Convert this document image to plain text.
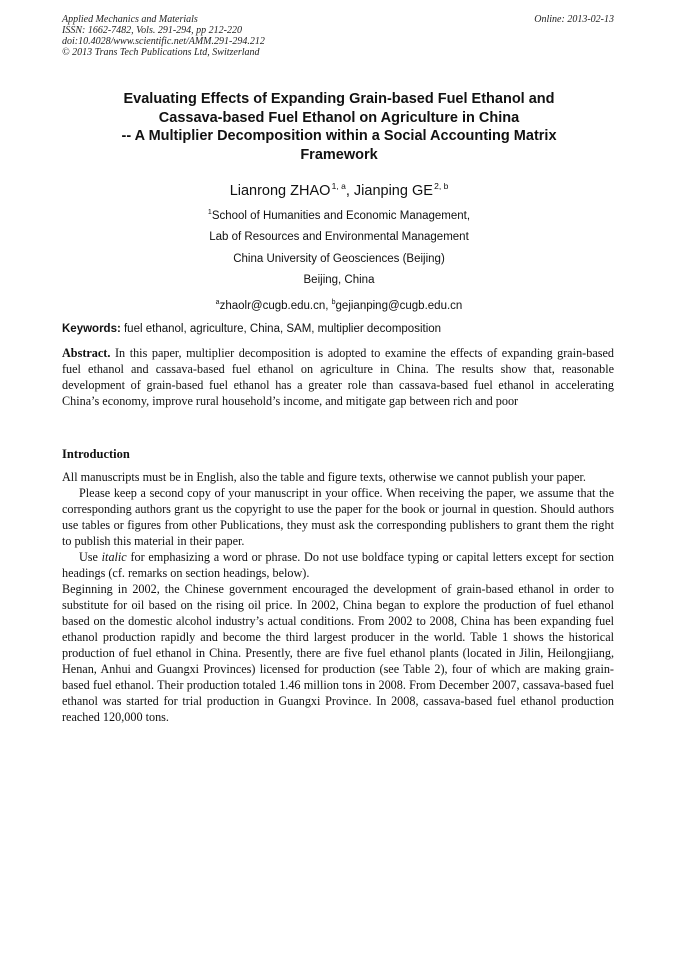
Applied Mechanics and Materials
ISSN: 1662-7482, Vols. 291-294, pp 212-220
doi:10.4028/www.scientific.net/AMM.291-294.212
© 2013 Trans Tech Publications Ltd, Switzerland
Online: 2013-02-13
Evaluating Effects of Expanding Grain-based Fuel Ethanol and
Cassava-based Fuel Ethanol on Agriculture in China
-- A Multiplier Decomposition within a Social Accounting Matrix
Framework
Lianrong ZHAO $^{1, a}$, Jianping GE $^{2, b}$
$^1$School of Humanities and Economic Management,
Lab of Resources and Environmental Management
China University of Geosciences (Beijing)
Beijing, China
$^a$zhaolr@cugb.edu.cn, $^b$gejianping@cugb.edu.cn
Keywords: fuel ethanol, agriculture, China, SAM, multiplier decomposition
Abstract. In this paper, multiplier decomposition is adopted to examine the effects of expanding grain-based fuel ethanol and cassava-based fuel ethanol on agriculture in China. The results show that, reasonable development of grain-based fuel ethanol has a greater role than cassava-based fuel ethanol in accelerating China’s economy, improve rural household’s income, and mitigate gap between rich and poor
Introduction

All manuscripts must be in English, also the table and figure texts, otherwise we cannot publish your paper.

Please keep a second copy of your manuscript in your office. When receiving the paper, we assume that the corresponding authors grant us the copyright to use the paper for the book or journal in question. Should authors use tables or figures from other Publications, they must ask the corresponding publishers to grant them the right to publish this material in their paper.

Use italic for emphasizing a word or phrase. Do not use boldface typing or capital letters except for section headings (cf. remarks on section headings, below).

Beginning in 2002, the Chinese government encouraged the development of grain-based ethanol in order to substitute for oil based on the rising oil price. In 2002, China began to explore the production of fuel ethanol based on the domestic alcohol industry’s actual conditions. From 2002 to 2008, China has been expanding fuel ethanol production rapidly and become the third largest producer in the world. Table 1 shows the historical production of fuel ethanol in China. Presently, there are five fuel ethanol plants (located in Jilin, Heilongjiang, Henan, Anhui and Guangxi Provinces) licensed for production (see Table 2), four of which are making grain-based fuel ethanol. Their production totaled 1.46 million tons in 2008. From December 2007, cassava-based fuel ethanol was started for trial production in Guangxi Province. In 2008, cassava-based fuel ethanol production reached 120,000 tons.
